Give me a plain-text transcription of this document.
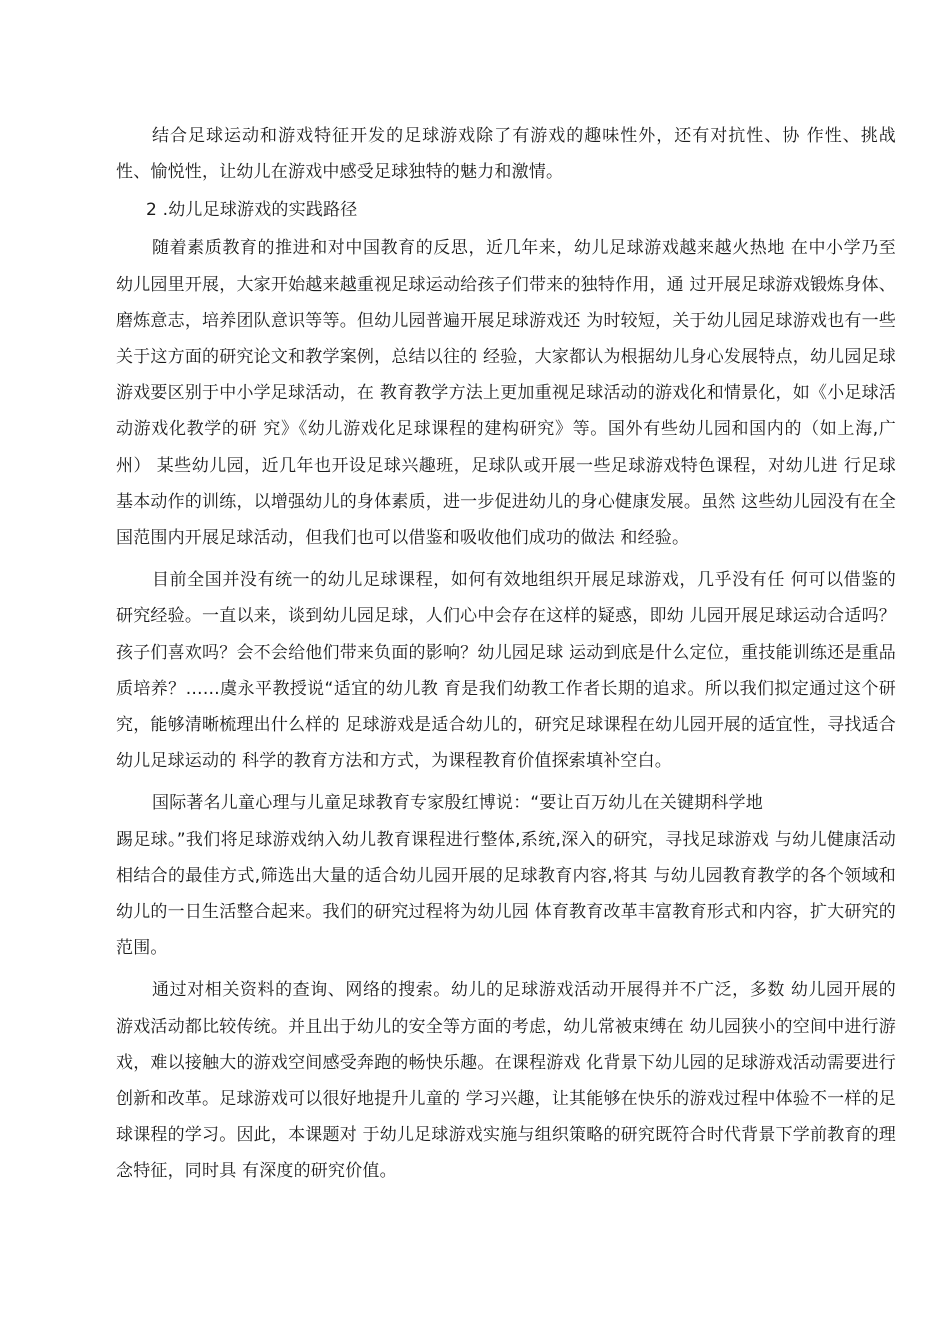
结合足球运动和游戏特征开发的足球游戏除了有游戏的趣味性外，还有对抗性、协 作性、挑战性、愉悦性，让幼儿在游戏中感受足球独特的魅力和激情。

2 .幼儿足球游戏的实践路径

随着素质教育的推进和对中国教育的反思，近几年来，幼儿足球游戏越来越火热地 在中小学乃至幼儿园里开展，大家开始越来越重视足球运动给孩子们带来的独特作用，通 过开展足球游戏锻炼身体、磨炼意志，培养团队意识等等。但幼儿园普遍开展足球游戏还 为时较短，关于幼儿园足球游戏也有一些关于这方面的研究论文和教学案例，总结以往的 经验，大家都认为根据幼儿身心发展特点，幼儿园足球游戏要区别于中小学足球活动，在 教育教学方法上更加重视足球活动的游戏化和情景化，如《小足球活动游戏化教学的研 究》《幼儿游戏化足球课程的建构研究》等。国外有些幼儿园和国内的（如上海,广州） 某些幼儿园，近几年也开设足球兴趣班，足球队或开展一些足球游戏特色课程，对幼儿进 行足球基本动作的训练，以增强幼儿的身体素质，进一步促进幼儿的身心健康发展。虽然 这些幼儿园没有在全国范围内开展足球活动，但我们也可以借鉴和吸收他们成功的做法 和经验。

目前全国并没有统一的幼儿足球课程，如何有效地组织开展足球游戏，几乎没有任 何可以借鉴的研究经验。一直以来，谈到幼儿园足球，人们心中会存在这样的疑惑，即幼 儿园开展足球运动合适吗？孩子们喜欢吗？会不会给他们带来负面的影响？幼儿园足球 运动到底是什么定位，重技能训练还是重品质培养？……虞永平教授说“适宜的幼儿教 育是我们幼教工作者长期的追求。所以我们拟定通过这个研究，能够清晰梳理出什么样的 足球游戏是适合幼儿的，研究足球课程在幼儿园开展的适宜性，寻找适合幼儿足球运动的 科学的教育方法和方式，为课程教育价值探索填补空白。

国际著名儿童心理与儿童足球教育专家殷红博说：“要让百万幼儿在关键期科学地

踢足球。”我们将足球游戏纳入幼儿教育课程进行整体,系统,深入的研究，寻找足球游戏 与幼儿健康活动相结合的最佳方式,筛选出大量的适合幼儿园开展的足球教育内容,将其 与幼儿园教育教学的各个领域和幼儿的一日生活整合起来。我们的研究过程将为幼儿园 体育教育改革丰富教育形式和内容，扩大研究的范围。

通过对相关资料的查询、网络的搜索。幼儿的足球游戏活动开展得并不广泛，多数 幼儿园开展的游戏活动都比较传统。并且出于幼儿的安全等方面的考虑，幼儿常被束缚在 幼儿园狭小的空间中进行游戏，难以接触大的游戏空间感受奔跑的畅快乐趣。在课程游戏 化背景下幼儿园的足球游戏活动需要进行创新和改革。足球游戏可以很好地提升儿童的 学习兴趣，让其能够在快乐的游戏过程中体验不一样的足球课程的学习。因此，本课题对 于幼儿足球游戏实施与组织策略的研究既符合时代背景下学前教育的理念特征，同时具 有深度的研究价值。
